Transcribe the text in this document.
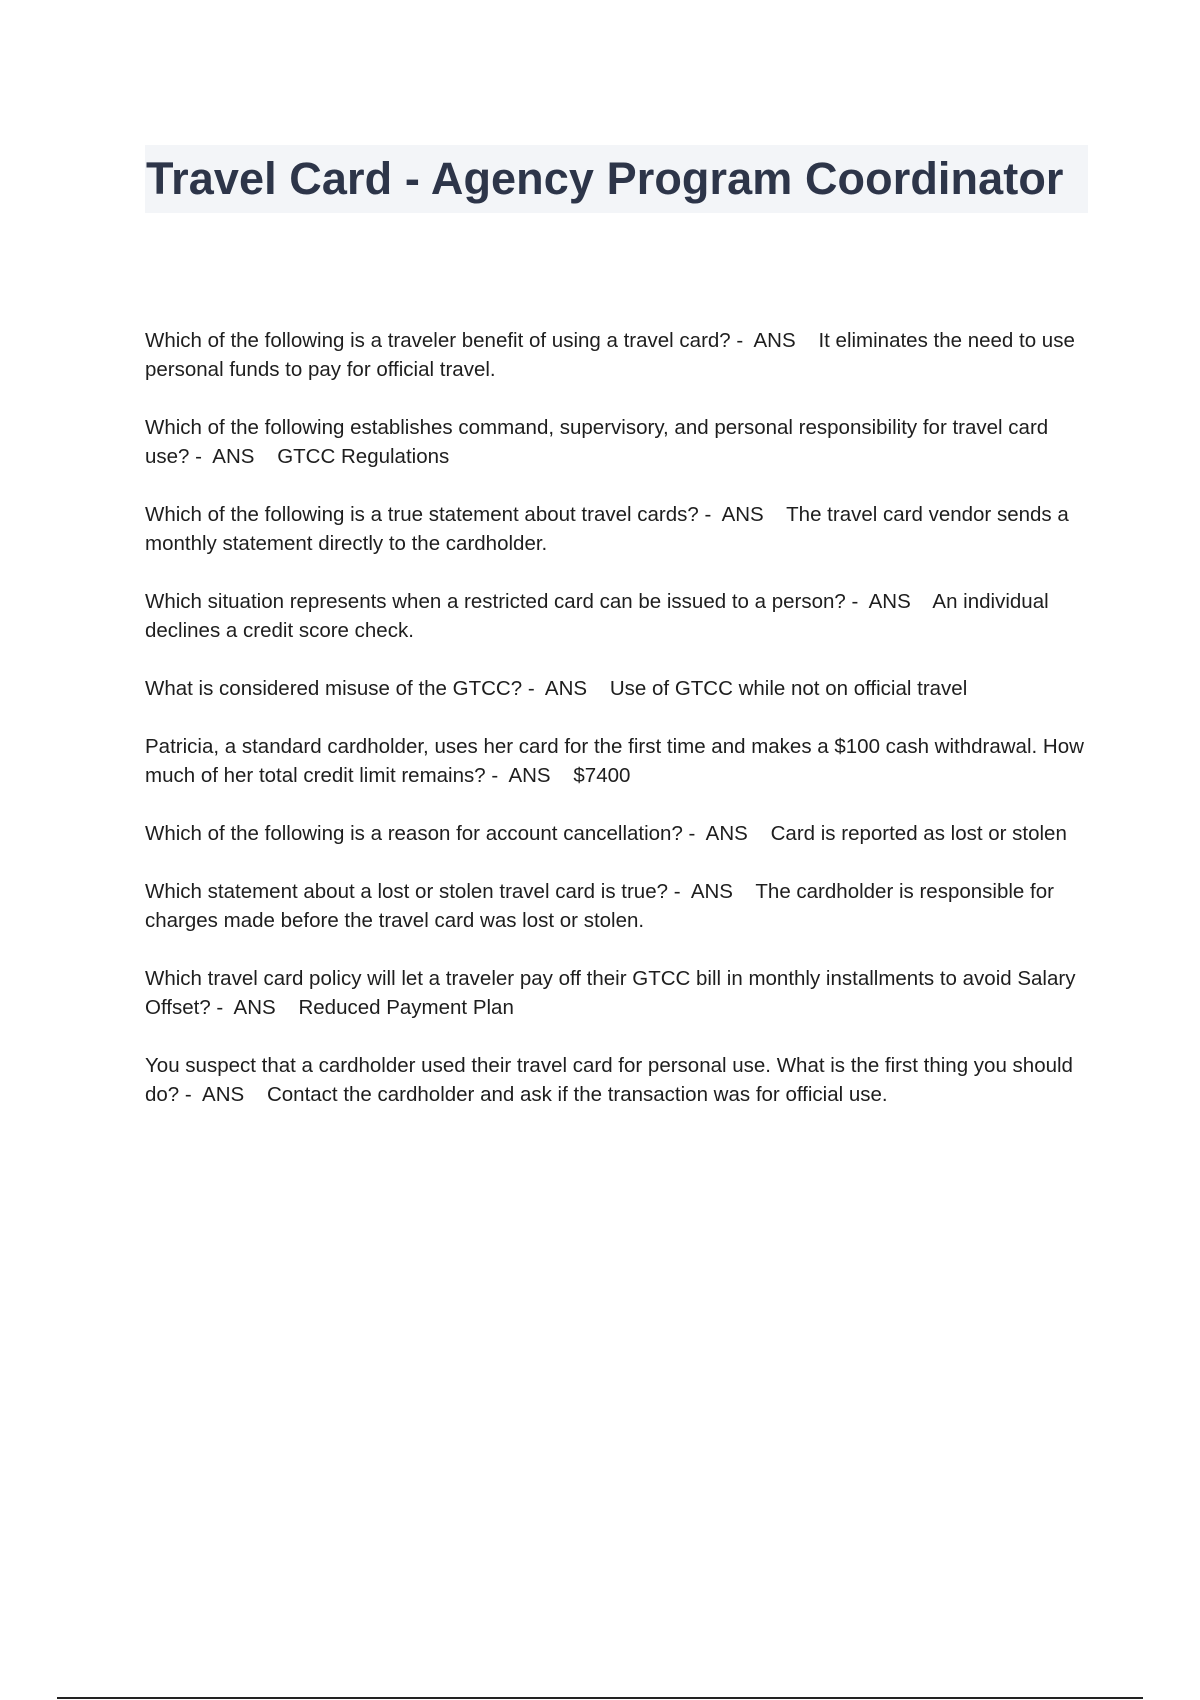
Travel Card - Agency Program Coordinator

Which of the following is a traveler benefit of using a travel card? -  ANS It eliminates the need to use personal funds to pay for official travel.

Which of the following establishes command, supervisory, and personal responsibility for travel card use? -  ANS GTCC Regulations

Which of the following is a true statement about travel cards? -  ANS The travel card vendor sends a monthly statement directly to the cardholder.

Which situation represents when a restricted card can be issued to a person? -  ANS An individual declines a credit score check.

What is considered misuse of the GTCC? -  ANS Use of GTCC while not on official travel

Patricia, a standard cardholder, uses her card for the first time and makes a $100 cash withdrawal. How much of her total credit limit remains? -  ANS $7400

Which of the following is a reason for account cancellation? -  ANS Card is reported as lost or stolen

Which statement about a lost or stolen travel card is true? -  ANS The cardholder is responsible for charges made before the travel card was lost or stolen.

Which travel card policy will let a traveler pay off their GTCC bill in monthly installments to avoid Salary Offset? -  ANS Reduced Payment Plan

You suspect that a cardholder used their travel card for personal use. What is the first thing you should do? -  ANS Contact the cardholder and ask if the transaction was for official use.
